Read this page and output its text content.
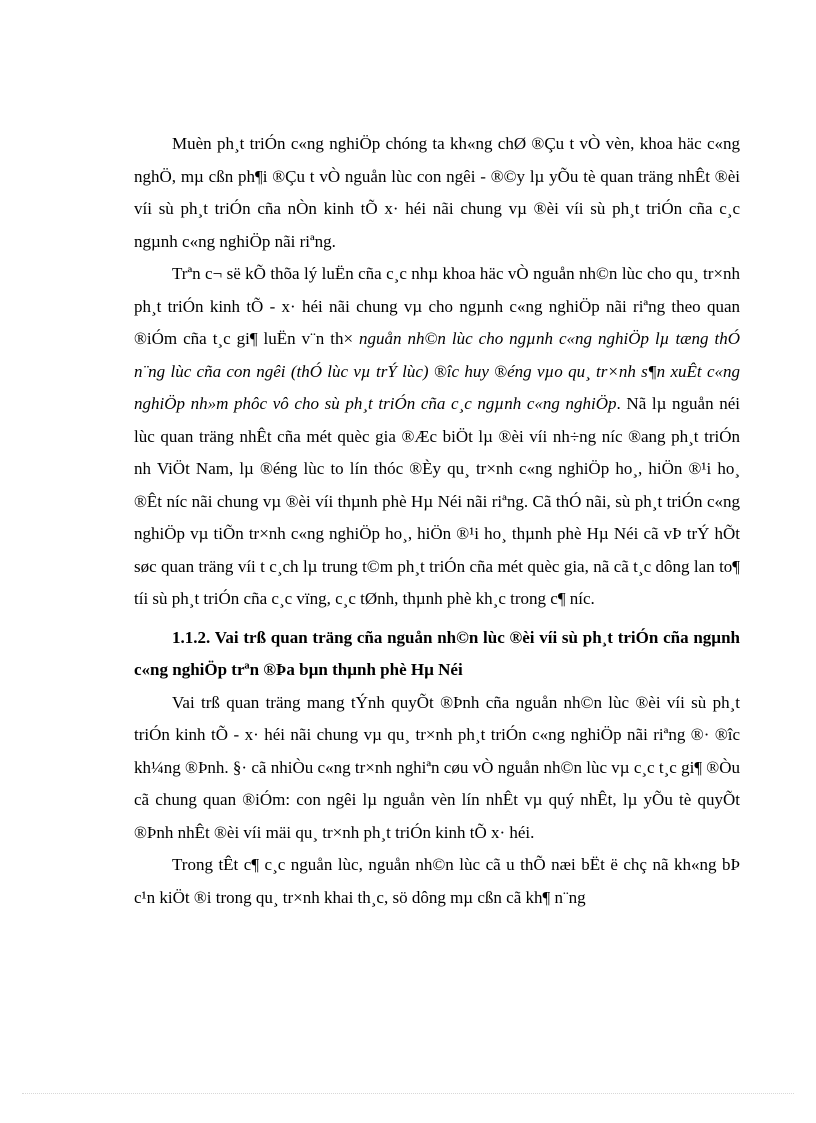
Muèn ph¸t triÓn c«ng nghiÖp chóng ta kh«ng chØ ®Çu t vÒ vèn, khoa häc c«ng nghÖ, mµ cßn ph¶i ®Çu t vÒ nguån lùc con ngêi - ®©y lµ yÕu tè quan träng nhÊt ®èi víi sù ph¸t triÓn cña nÒn kinh tÕ x· héi nãi chung vµ ®èi víi sù ph¸t triÓn cña c¸c ngµnh c«ng nghiÖp nãi riªng.

Trªn c¬ së kÕ thõa lý luËn cña c¸c nhµ khoa häc vÒ nguån nh©n lùc cho qu¸ tr×nh ph¸t triÓn kinh tÕ - x· héi nãi chung vµ cho ngµnh c«ng nghiÖp nãi riªng theo quan ®iÓm cña t¸c gi¶ luËn v¨n th× nguån nh©n lùc cho ngµnh c«ng nghiÖp lµ tæng thÓ n¨ng lùc cña con ngêi (thÓ lùc vµ trÝ lùc) ®îc huy ®éng vµo qu¸ tr×nh s¶n xuÊt c«ng nghiÖp nh»m phôc vô cho sù ph¸t triÓn cña c¸c ngµnh c«ng nghiÖp. Nã lµ nguån néi lùc quan träng nhÊt cña mét quèc gia ®Æc biÖt lµ ®èi víi nh÷ng níc ®ang ph¸t triÓn nh ViÖt Nam, lµ ®éng lùc to lín thóc ®Èy qu¸ tr×nh c«ng nghiÖp ho¸, hiÖn ®¹i ho¸ ®Êt níc nãi chung vµ ®èi víi thµnh phè Hµ Néi nãi riªng. Cã thÓ nãi, sù ph¸t triÓn c«ng nghiÖp vµ tiÕn tr×nh c«ng nghiÖp ho¸, hiÖn ®¹i ho¸ thµnh phè Hµ Néi cã vÞ trÝ hÕt søc quan träng víi t c¸ch lµ trung t©m ph¸t triÓn cña mét quèc gia, nã cã t¸c dông lan to¶ tíi sù ph¸t triÓn cña c¸c vïng, c¸c tØnh, thµnh phè kh¸c trong c¶ níc.

1.1.2. Vai trß quan träng cña nguån nh©n lùc ®èi víi sù ph¸t triÓn cña ngµnh c«ng nghiÖp trªn ®Þa bµn thµnh phè Hµ Néi

Vai trß quan träng mang tÝnh quyÕt ®Þnh cña nguån nh©n lùc ®èi víi sù ph¸t triÓn kinh tÕ - x· héi nãi chung vµ qu¸ tr×nh ph¸t triÓn c«ng nghiÖp nãi riªng ®· ®îc kh¼ng ®Þnh. §· cã nhiÒu c«ng tr×nh nghiªn cøu vÒ nguån nh©n lùc vµ c¸c t¸c gi¶ ®Òu cã chung quan ®iÓm: con ngêi lµ nguån vèn lín nhÊt vµ quý nhÊt, lµ yÕu tè quyÕt ®Þnh nhÊt ®èi víi mäi qu¸ tr×nh ph¸t triÓn kinh tÕ x· héi.

Trong tÊt c¶ c¸c nguån lùc, nguån nh©n lùc cã u thÕ næi bËt ë chç nã kh«ng bÞ c¹n kiÖt ®i trong qu¸ tr×nh khai th¸c, sö dông mµ cßn cã kh¶ n¨ng
